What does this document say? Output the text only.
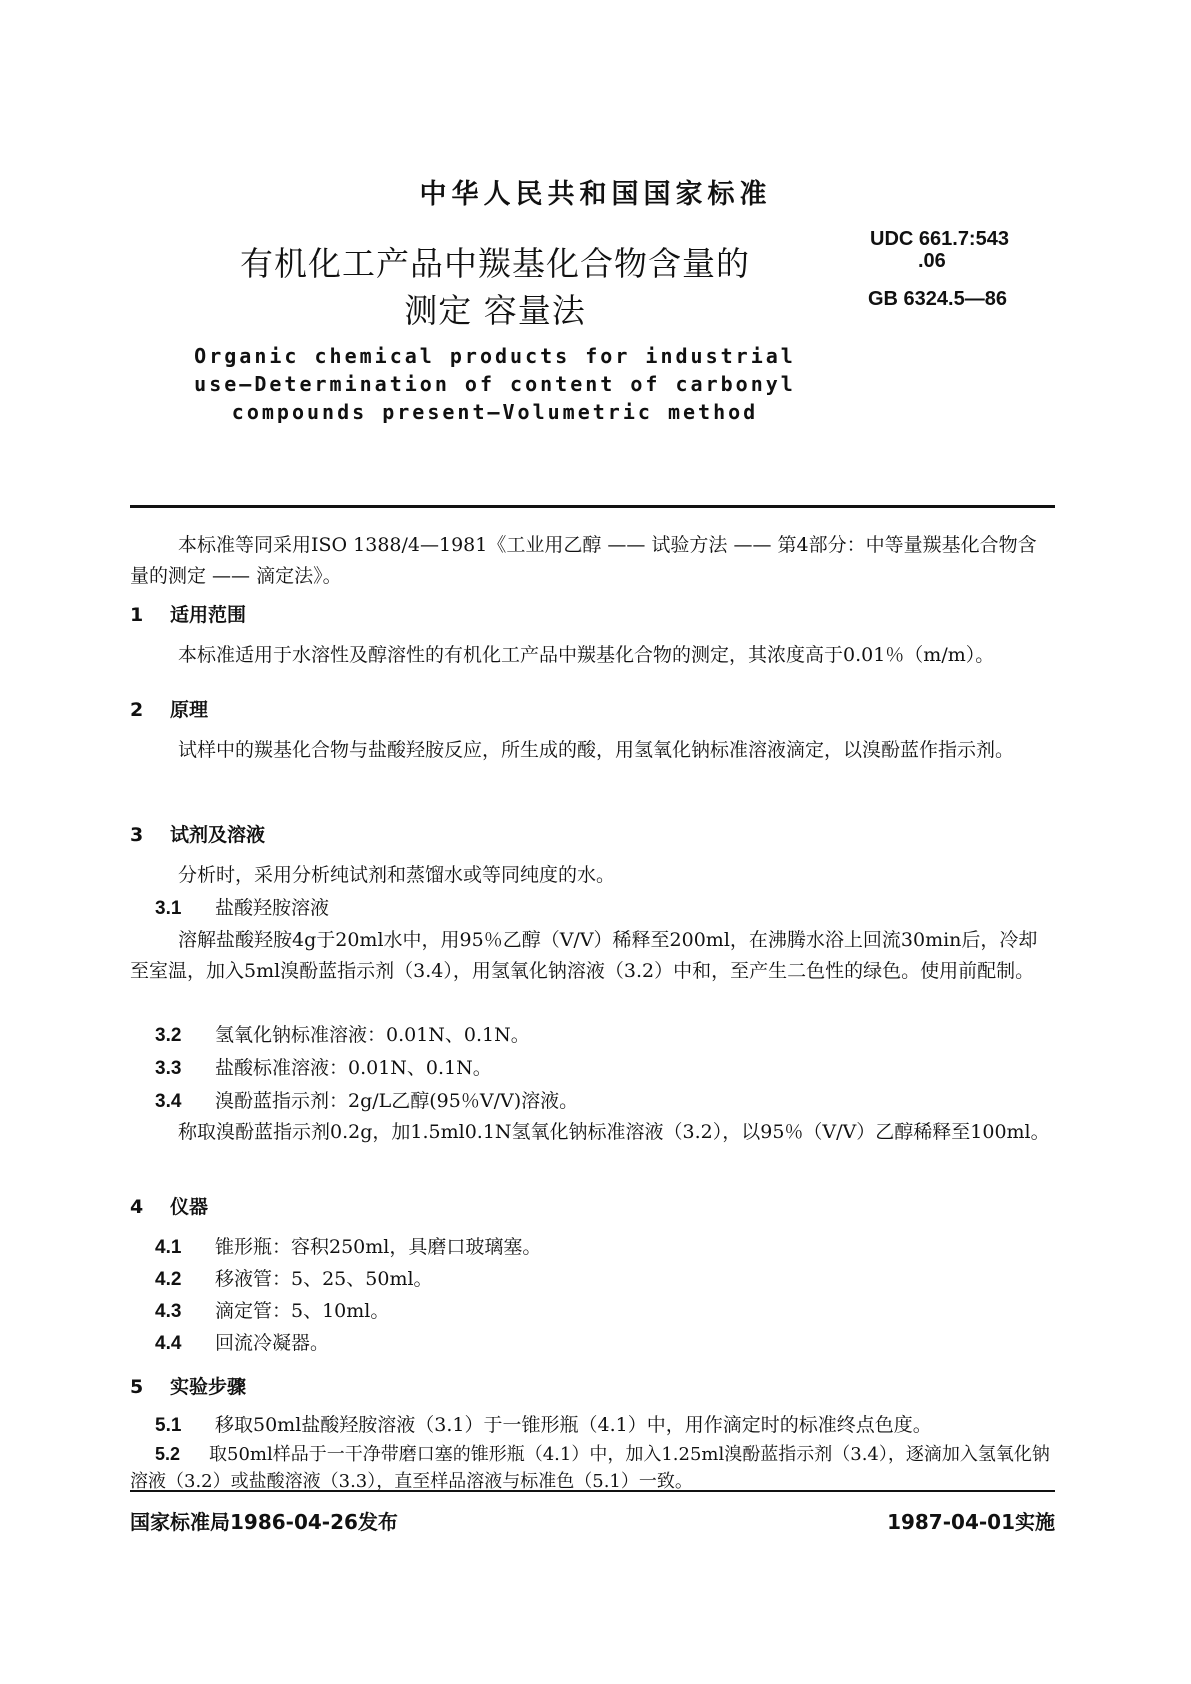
中华人民共和国国家标准
有机化工产品中羰基化合物含量的
测定 容量法
UDC 661.7:543
.06
GB 6324.5—86
Organic chemical products for industrial
use—Determination of content of carbonyl
compounds present—Volumetric method
本标准等同采用ISO 1388/4—1981《工业用乙醇 —— 试验方法 —— 第4部分：中等量羰基化合物含量的测定 —— 滴定法》。
1 适用范围
本标准适用于水溶性及醇溶性的有机化工产品中羰基化合物的测定，其浓度高于0.01％（m/m）。
2 原理
试样中的羰基化合物与盐酸羟胺反应，所生成的酸，用氢氧化钠标准溶液滴定，以溴酚蓝作指示剂。
3 试剂及溶液
分析时，采用分析纯试剂和蒸馏水或等同纯度的水。
3.1 盐酸羟胺溶液
溶解盐酸羟胺4g于20ml水中，用95％乙醇（V/V）稀释至200ml，在沸腾水浴上回流30min后，冷却至室温，加入5ml溴酚蓝指示剂（3.4），用氢氧化钠溶液（3.2）中和，至产生二色性的绿色。使用前配制。
3.2 氢氧化钠标准溶液：0.01N、0.1N。
3.3 盐酸标准溶液：0.01N、0.1N。
3.4 溴酚蓝指示剂：2g/L乙醇(95％V/V)溶液。
称取溴酚蓝指示剂0.2g，加1.5ml0.1N氢氧化钠标准溶液（3.2），以95％（V/V）乙醇稀释至100ml。
4 仪器
4.1 锥形瓶：容积250ml，具磨口玻璃塞。
4.2 移液管：5、25、50ml。
4.3 滴定管：5、10ml。
4.4 回流冷凝器。
5 实验步骤
5.1 移取50ml盐酸羟胺溶液（3.1）于一锥形瓶（4.1）中，用作滴定时的标准终点色度。
5.2 取50ml样品于一干净带磨口塞的锥形瓶（4.1）中，加入1.25ml溴酚蓝指示剂（3.4），逐滴加入氢氧化钠溶液（3.2）或盐酸溶液（3.3），直至样品溶液与标准色（5.1）一致。
国家标准局1986-04-26发布	1987-04-01实施
